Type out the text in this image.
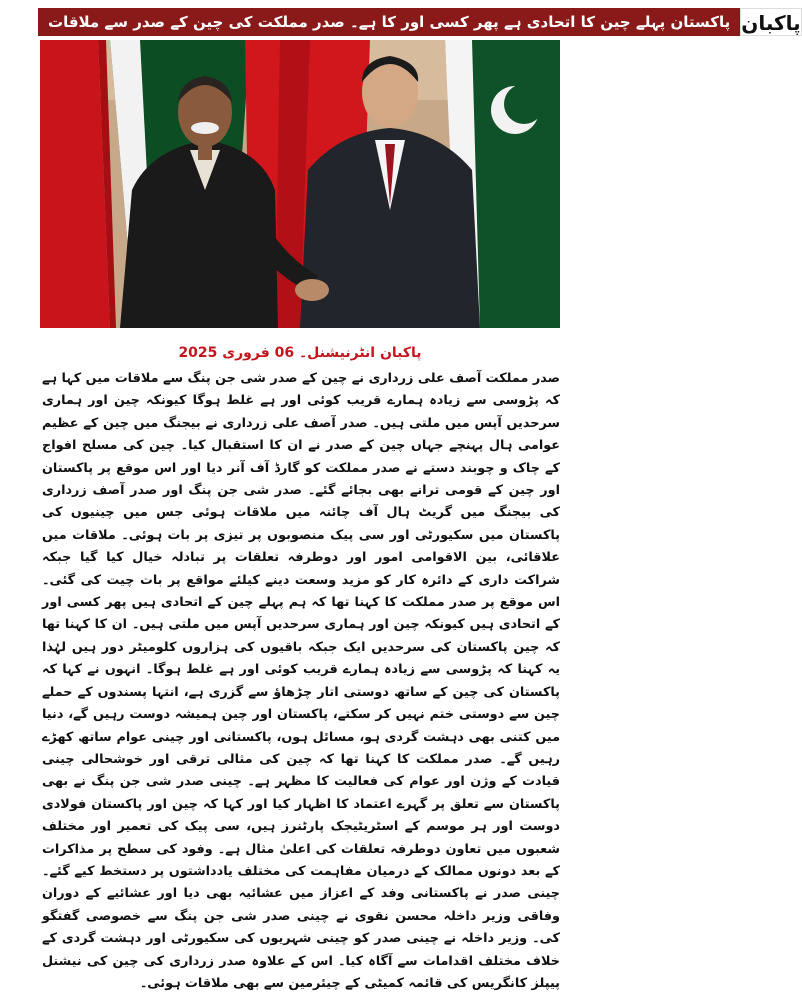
پاکستان پہلے چین کا اتحادی ہے پھر کسی اور کا ہے۔ صدر مملکت کی چین کے صدر سے ملاقات پاکبان
پاکبان انٹرنیشنل۔ 06 فروری 2025
صدر مملکت آصف علی زرداری نے چین کے صدر شی جن پنگ سے ملاقات میں کہا ہے کہ پڑوسی سے زیادہ ہمارے قریب کوئی اور ہے غلط ہوگا کیونکہ چین اور ہماری سرحدیں آپس میں ملتی ہیں۔ صدر آصف علی زرداری نے بیجنگ میں چین کے عظیم عوامی ہال پہنچے جہاں چین کے صدر نے ان کا استقبال کیا۔ چین کی مسلح افواج کے چاک و چوبند دستے نے صدر مملکت کو گارڈ آف آنر دیا اور اس موقع پر پاکستان اور چین کے قومی ترانے بھی بجائے گئے۔ صدر شی جن پنگ اور صدر آصف زرداری کی بیجنگ میں گریٹ ہال آف چائنہ میں ملاقات ہوئی جس میں چینیوں کی پاکستان میں سکیورٹی اور سی پیک منصوبوں پر تیزی پر بات ہوئی۔ ملاقات میں علاقائی، بین الاقوامی امور اور دوطرفہ تعلقات پر تبادلہ خیال کیا گیا جبکہ شراکت داری کے دائرہ کار کو مزید وسعت دینے کیلئے مواقع پر بات چیت کی گئی۔ اس موقع پر صدر مملکت کا کہنا تھا کہ ہم پہلے چین کے اتحادی ہیں پھر کسی اور کے اتحادی ہیں کیونکہ چین اور ہماری سرحدیں آپس میں ملتی ہیں۔ ان کا کہنا تھا کہ چین پاکستان کی سرحدیں ایک جبکہ باقیوں کی ہزاروں کلومیٹر دور ہیں لہٰذا یہ کہنا کہ پڑوسی سے زیادہ ہمارے قریب کوئی اور ہے غلط ہوگا۔ انہوں نے کہا کہ پاکستان کی چین کے ساتھ دوستی اتار چڑھاؤ سے گزری ہے، انتہا پسندوں کے حملے چین سے دوستی ختم نہیں کر سکتے، پاکستان اور چین ہمیشہ دوست رہیں گے، دنیا میں کتنی بھی دہشت گردی ہو، مسائل ہوں، پاکستانی اور چینی عوام ساتھ کھڑے رہیں گے۔ صدر مملکت کا کہنا تھا کہ چین کی مثالی ترقی اور خوشحالی چینی قیادت کے وژن اور عوام کی فعالیت کا مظہر ہے۔ چینی صدر شی جن پنگ نے بھی پاکستان سے تعلق پر گہرے اعتماد کا اظہار کیا اور کہا کہ چین اور پاکستان فولادی دوست اور ہر موسم کے اسٹریٹیجک پارٹنرز ہیں، سی پیک کی تعمیر اور مختلف شعبوں میں تعاون دوطرفہ تعلقات کی اعلیٰ مثال ہے۔ وفود کی سطح پر مذاکرات کے بعد دونوں ممالک کے درمیان مفاہمت کی مختلف یادداشتوں پر دستخط کیے گئے۔ چینی صدر نے پاکستانی وفد کے اعزاز میں عشائیہ بھی دیا اور عشائیے کے دوران وفاقی وزیر داخلہ محسن نقوی نے چینی صدر شی جن پنگ سے خصوصی گفتگو کی۔ وزیر داخلہ نے چینی صدر کو چینی شہریوں کی سکیورٹی اور دہشت گردی کے خلاف مختلف اقدامات سے آگاہ کیا۔ اس کے علاوہ صدر زرداری کی چین کی نیشنل پیپلز کانگریس کی قائمہ کمیٹی کے چیئرمین سے بھی ملاقات ہوئی۔
